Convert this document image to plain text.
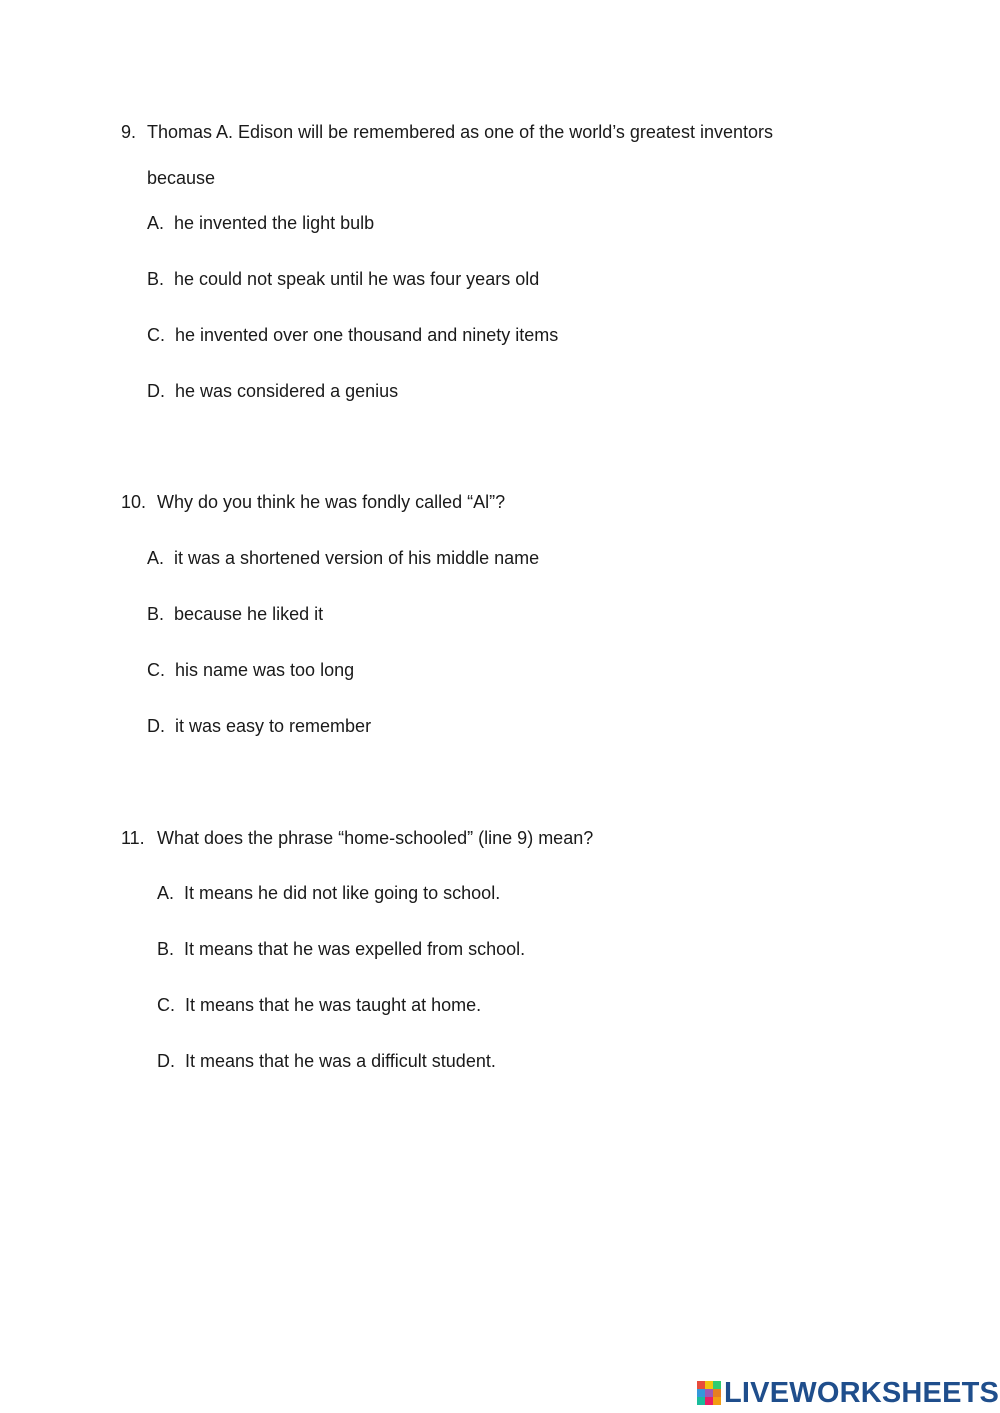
9. Thomas A. Edison will be remembered as one of the world’s greatest inventors
because
A. he invented the light bulb
B. he could not speak until he was four years old
C. he invented over one thousand and ninety items
D. he was considered a genius
10. Why do you think he was fondly called “Al”?
A. it was a shortened version of his middle name
B. because he liked it
C. his name was too long
D. it was easy to remember
11. What does the phrase “home-schooled” (line 9) mean?
A. It means he did not like going to school.
B. It means that he was expelled from school.
C. It means that he was taught at home.
D. It means that he was a difficult student.
LIVEWORKSHEETS
